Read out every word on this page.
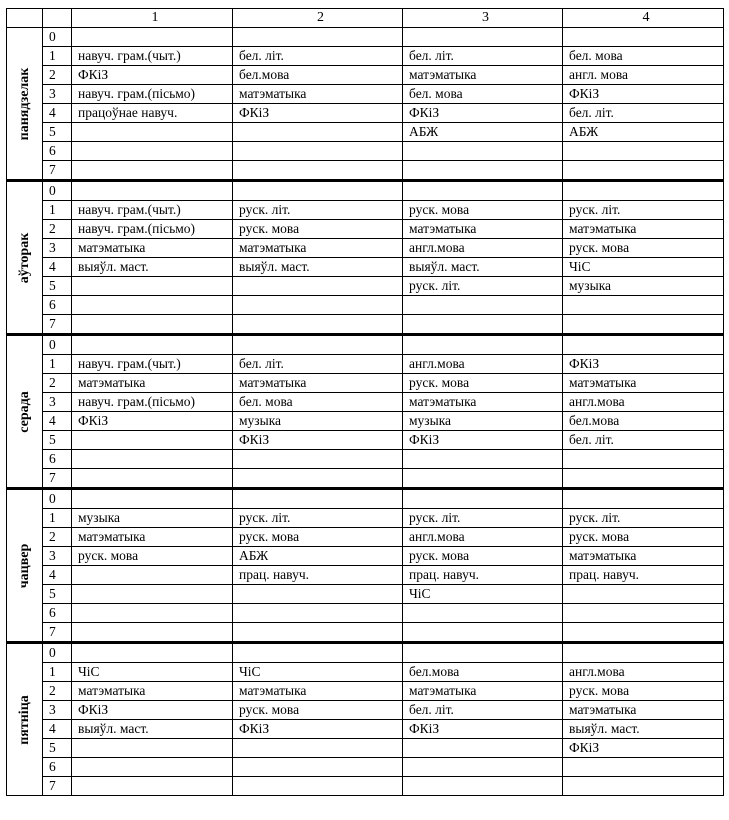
		1	2	3	4

панядзелак	0				
	1	навуч. грам.(чыт.)	бел. літ.	бел. літ.	бел. мова
	2	ФКіЗ	бел.мова	матэматыка	англ. мова
	3	навуч. грам.(пісьмо)	матэматыка	бел. мова	ФКіЗ
	4	працоўнае навуч.	ФКіЗ	ФКіЗ	бел. літ.
	5			АБЖ	АБЖ
	6				
	7				

аўторак	0				
	1	навуч. грам.(чыт.)	руск. літ.	руск. мова	руск. літ.
	2	навуч. грам.(пісьмо)	руск. мова	матэматыка	матэматыка
	3	матэматыка	матэматыка	англ.мова	руск. мова
	4	выяўл. маст.	выяўл. маст.	выяўл. маст.	ЧіС
	5			руск. літ.	музыка
	6				
	7				

серада	0				
	1	навуч. грам.(чыт.)	бел. літ.	англ.мова	ФКіЗ
	2	матэматыка	матэматыка	руск. мова	матэматыка
	3	навуч. грам.(пісьмо)	бел. мова	матэматыка	англ.мова
	4	ФКіЗ	музыка	музыка	бел.мова
	5		ФКіЗ	ФКіЗ	бел. літ.
	6				
	7				

чацвер	0				
	1	музыка	руск. літ.	руск. літ.	руск. літ.
	2	матэматыка	руск. мова	англ.мова	руск. мова
	3	руск. мова	АБЖ	руск. мова	матэматыка
	4		прац. навуч.	прац. навуч.	прац. навуч.
	5			ЧіС	
	6				
	7				

пятніца	0				
	1	ЧіС	ЧіС	бел.мова	англ.мова
	2	матэматыка	матэматыка	матэматыка	руск. мова
	3	ФКіЗ	руск. мова	бел. літ.	матэматыка
	4	выяўл. маст.	ФКіЗ	ФКіЗ	выяўл. маст.
	5				ФКіЗ
	6				
	7				
